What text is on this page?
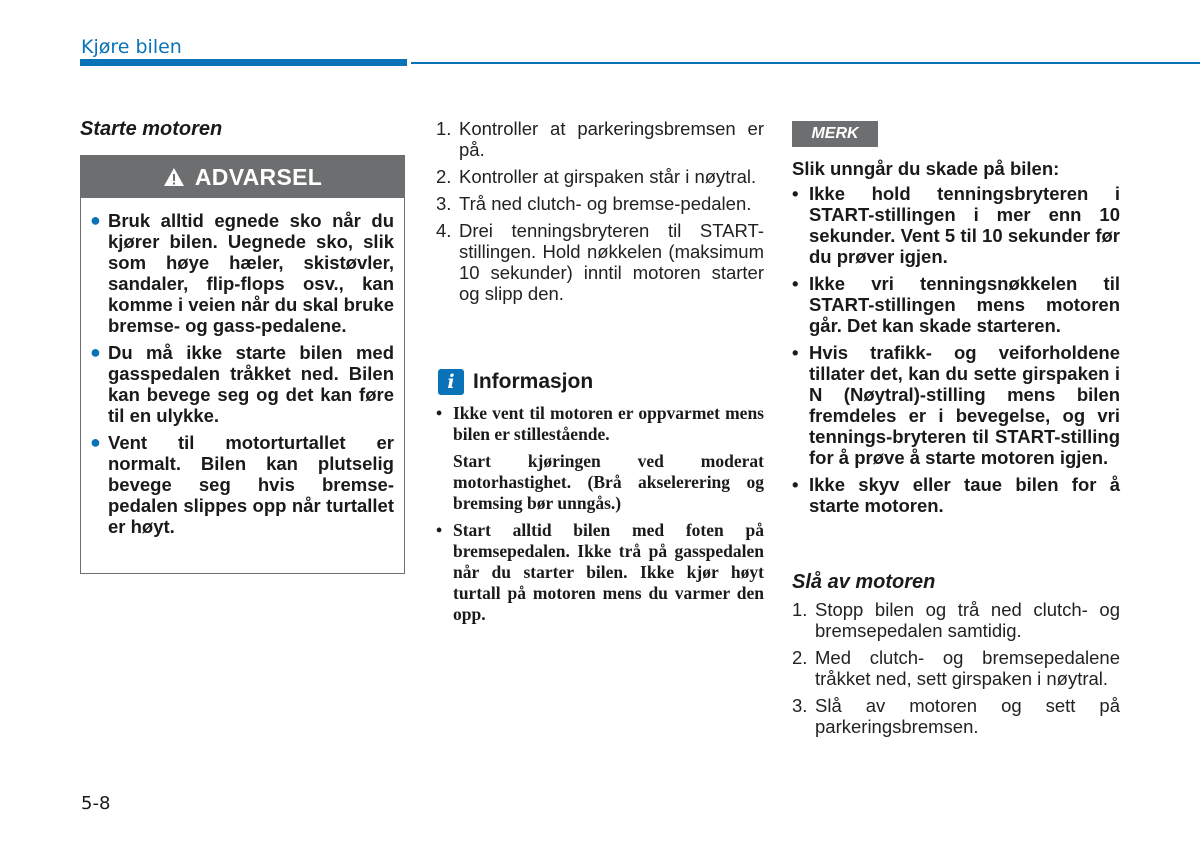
Kjøre bilen
Starte motoren
ADVARSEL
● Bruk alltid egnede sko når du kjører bilen. Uegnede sko, slik som høye hæler, skistøvler, sandaler, flip-flops osv., kan komme i veien når du skal bruke bremse- og gass-pedalene.
● Du må ikke starte bilen med gasspedalen tråkket ned. Bilen kan bevege seg og det kan føre til en ulykke.
● Vent til motorturtallet er normalt. Bilen kan plutselig bevege seg hvis bremse-pedalen slippes opp når turtallet er høyt.
1. Kontroller at parkeringsbremsen er på.
2. Kontroller at girspaken står i nøytral.
3. Trå ned clutch- og bremse-pedalen.
4. Drei tenningsbryteren til START-stillingen. Hold nøkkelen (maksimum 10 sekunder) inntil motoren starter og slipp den.
i Informasjon
• Ikke vent til motoren er oppvarmet mens bilen er stillestående.
Start kjøringen ved moderat motorhastighet. (Brå akselerering og bremsing bør unngås.)
• Start alltid bilen med foten på bremsepedalen. Ikke trå på gasspedalen når du starter bilen. Ikke kjør høyt turtall på motoren mens du varmer den opp.
MERK
Slik unngår du skade på bilen:
• Ikke hold tenningsbryteren i START-stillingen i mer enn 10 sekunder. Vent 5 til 10 sekunder før du prøver igjen.
• Ikke vri tenningsnøkkelen til START-stillingen mens motoren går. Det kan skade starteren.
• Hvis trafikk- og veiforholdene tillater det, kan du sette girspaken i N (Nøytral)-stilling mens bilen fremdeles er i bevegelse, og vri tennings-bryteren til START-stilling for å prøve å starte motoren igjen.
• Ikke skyv eller taue bilen for å starte motoren.
Slå av motoren
1. Stopp bilen og trå ned clutch- og bremsepedalen samtidig.
2. Med clutch- og bremsepedalene tråkket ned, sett girspaken i nøytral.
3. Slå av motoren og sett på parkeringsbremsen.
5-8
